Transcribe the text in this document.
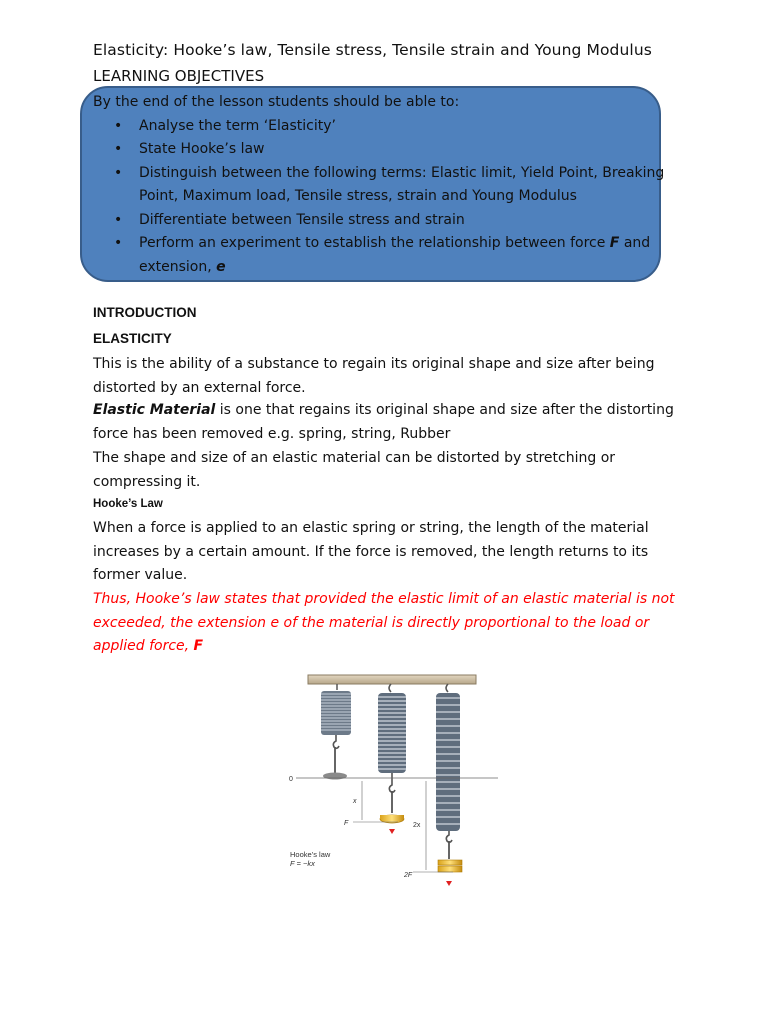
Elasticity: Hooke’s law, Tensile stress, Tensile strain and Young Modulus
LEARNING OBJECTIVES
By the end of the lesson students should be able to:
• Analyse the term ‘Elasticity’
• State Hooke’s law
• Distinguish between the following terms: Elastic limit, Yield Point, Breaking Point, Maximum load, Tensile stress, strain and Young Modulus
• Differentiate between Tensile stress and strain
• Perform an experiment to establish the relationship between force F and extension, e
INTRODUCTION
ELASTICITY
This is the ability of a substance to regain its original shape and size after being distorted by an external force.
Elastic Material is one that regains its original shape and size after the distorting force has been removed e.g. spring, string, Rubber
The shape and size of an elastic material can be distorted by stretching or compressing it.
Hooke’s Law
When a force is applied to an elastic spring or string, the length of the material increases by a certain amount. If the force is removed, the length returns to its former value.
Thus, Hooke’s law states that provided the elastic limit of an elastic material is not exceeded, the extension e of the material is directly proportional to the load or applied force, F
0
x
F	2x
2F
Hooke’s law
F = −kx
